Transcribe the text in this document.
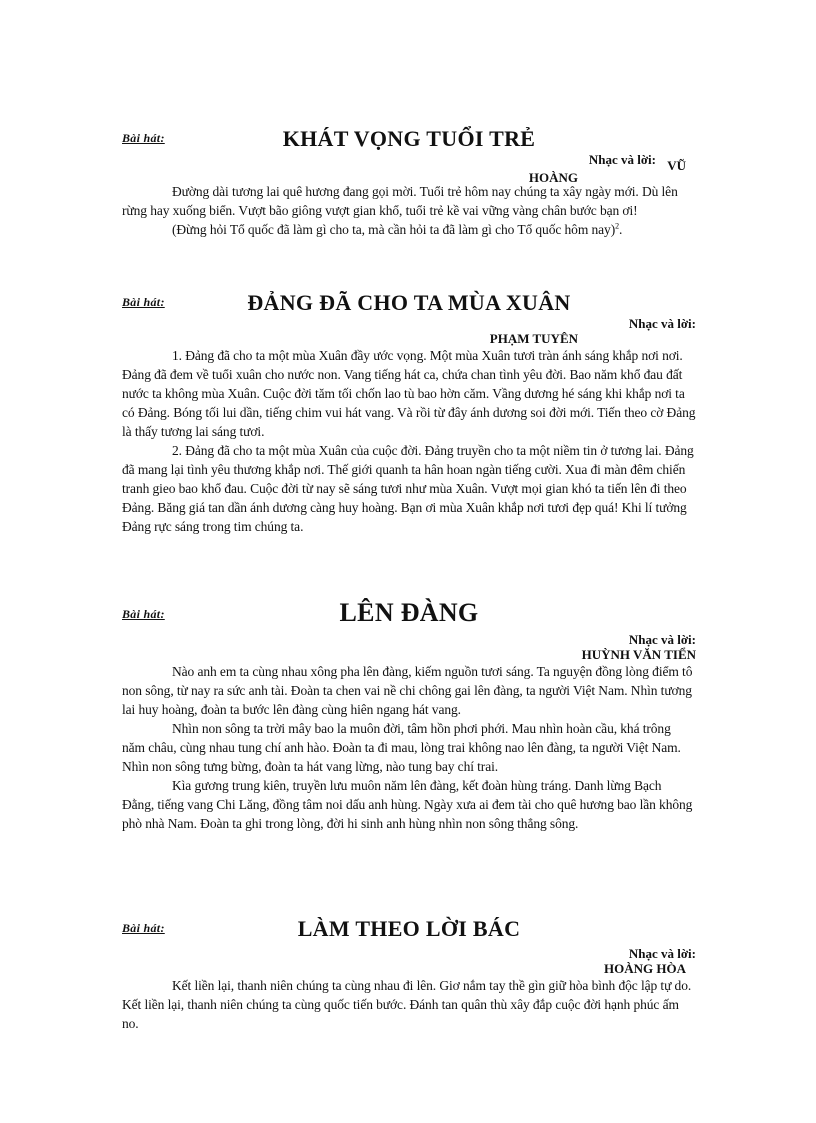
Bài hát:	KHÁT VỌNG TUỔI TRẺ
Nhạc và lời: VŨ
HOÀNG

Đường dài tương lai quê hương đang gọi mời. Tuổi trẻ hôm nay chúng ta xây ngày mới. Dù lên rừng hay xuống biển. Vượt bão giông vượt gian khổ, tuổi trẻ kề vai vững vàng chân bước bạn ơi!

(Đừng hỏi Tổ quốc đã làm gì cho ta, mà cần hỏi ta đã làm gì cho Tổ quốc hôm nay)$^2$.

Bài hát:	ĐẢNG ĐÃ CHO TA MÙA XUÂN
Nhạc và lời:
PHẠM TUYÊN

1. Đảng đã cho ta một mùa Xuân đầy ước vọng. Một mùa Xuân tươi tràn ánh sáng khắp nơi nơi. Đảng đã đem về tuổi xuân cho nước non. Vang tiếng hát ca, chứa chan tình yêu đời. Bao năm khổ đau đất nước ta không mùa Xuân. Cuộc đời tăm tối chốn lao tù bao hờn căm. Vầng dương hé sáng khi khắp nơi ta có Đảng. Bóng tối lui dần, tiếng chim vui hát vang. Và rồi từ đây ánh dương soi đời mới. Tiến theo cờ Đảng là thấy tương lai sáng tươi.

2. Đảng đã cho ta một mùa Xuân của cuộc đời. Đảng truyền cho ta một niềm tin ở tương lai. Đảng đã mang lại tình yêu thương khắp nơi. Thế giới quanh ta hân hoan ngàn tiếng cười. Xua đi màn đêm chiến tranh gieo bao khổ đau. Cuộc đời từ nay sẽ sáng tươi như mùa Xuân. Vượt mọi gian khó ta tiến lên đi theo Đảng. Băng giá tan dần ánh dương càng huy hoàng. Bạn ơi mùa Xuân khắp nơi tươi đẹp quá! Khi lí tưởng Đảng rực sáng trong tim chúng ta.

Bài hát:	LÊN ĐÀNG
Nhạc và lời:
HUỲNH VĂN TIỂN

Nào anh em ta cùng nhau xông pha lên đàng, kiếm nguồn tươi sáng. Ta nguyện đồng lòng điểm tô non sông, từ nay ra sức anh tài. Đoàn ta chen vai nề chi chông gai lên đàng, ta người Việt Nam. Nhìn tương lai huy hoàng, đoàn ta bước lên đàng cùng hiên ngang hát vang.

Nhìn non sông ta trời mây bao la muôn đời, tâm hồn phơi phới. Mau nhìn hoàn cầu, khá trông năm châu, cùng nhau tung chí anh hào. Đoàn ta đi mau, lòng trai không nao lên đàng, ta người Việt Nam. Nhìn non sông tưng bừng, đoàn ta hát vang lừng, nào tung bay chí trai.

Kìa gương trung kiên, truyền lưu muôn năm lên đàng, kết đoàn hùng tráng. Danh lừng Bạch Đằng, tiếng vang Chi Lăng, đồng tâm noi dấu anh hùng. Ngày xưa ai đem tài cho quê hương bao lần không phò nhà Nam. Đoàn ta ghi trong lòng, đời hi sinh anh hùng nhìn non sông thẳng sông.

Bài hát:	LÀM THEO LỜI BÁC
Nhạc và lời:
HOÀNG HÒA

Kết liền lại, thanh niên chúng ta cùng nhau đi lên. Giơ nắm tay thề gìn giữ hòa bình độc lập tự do. Kết liền lại, thanh niên chúng ta cùng quốc tiến bước. Đánh tan quân thù xây đắp cuộc đời hạnh phúc ấm no.
